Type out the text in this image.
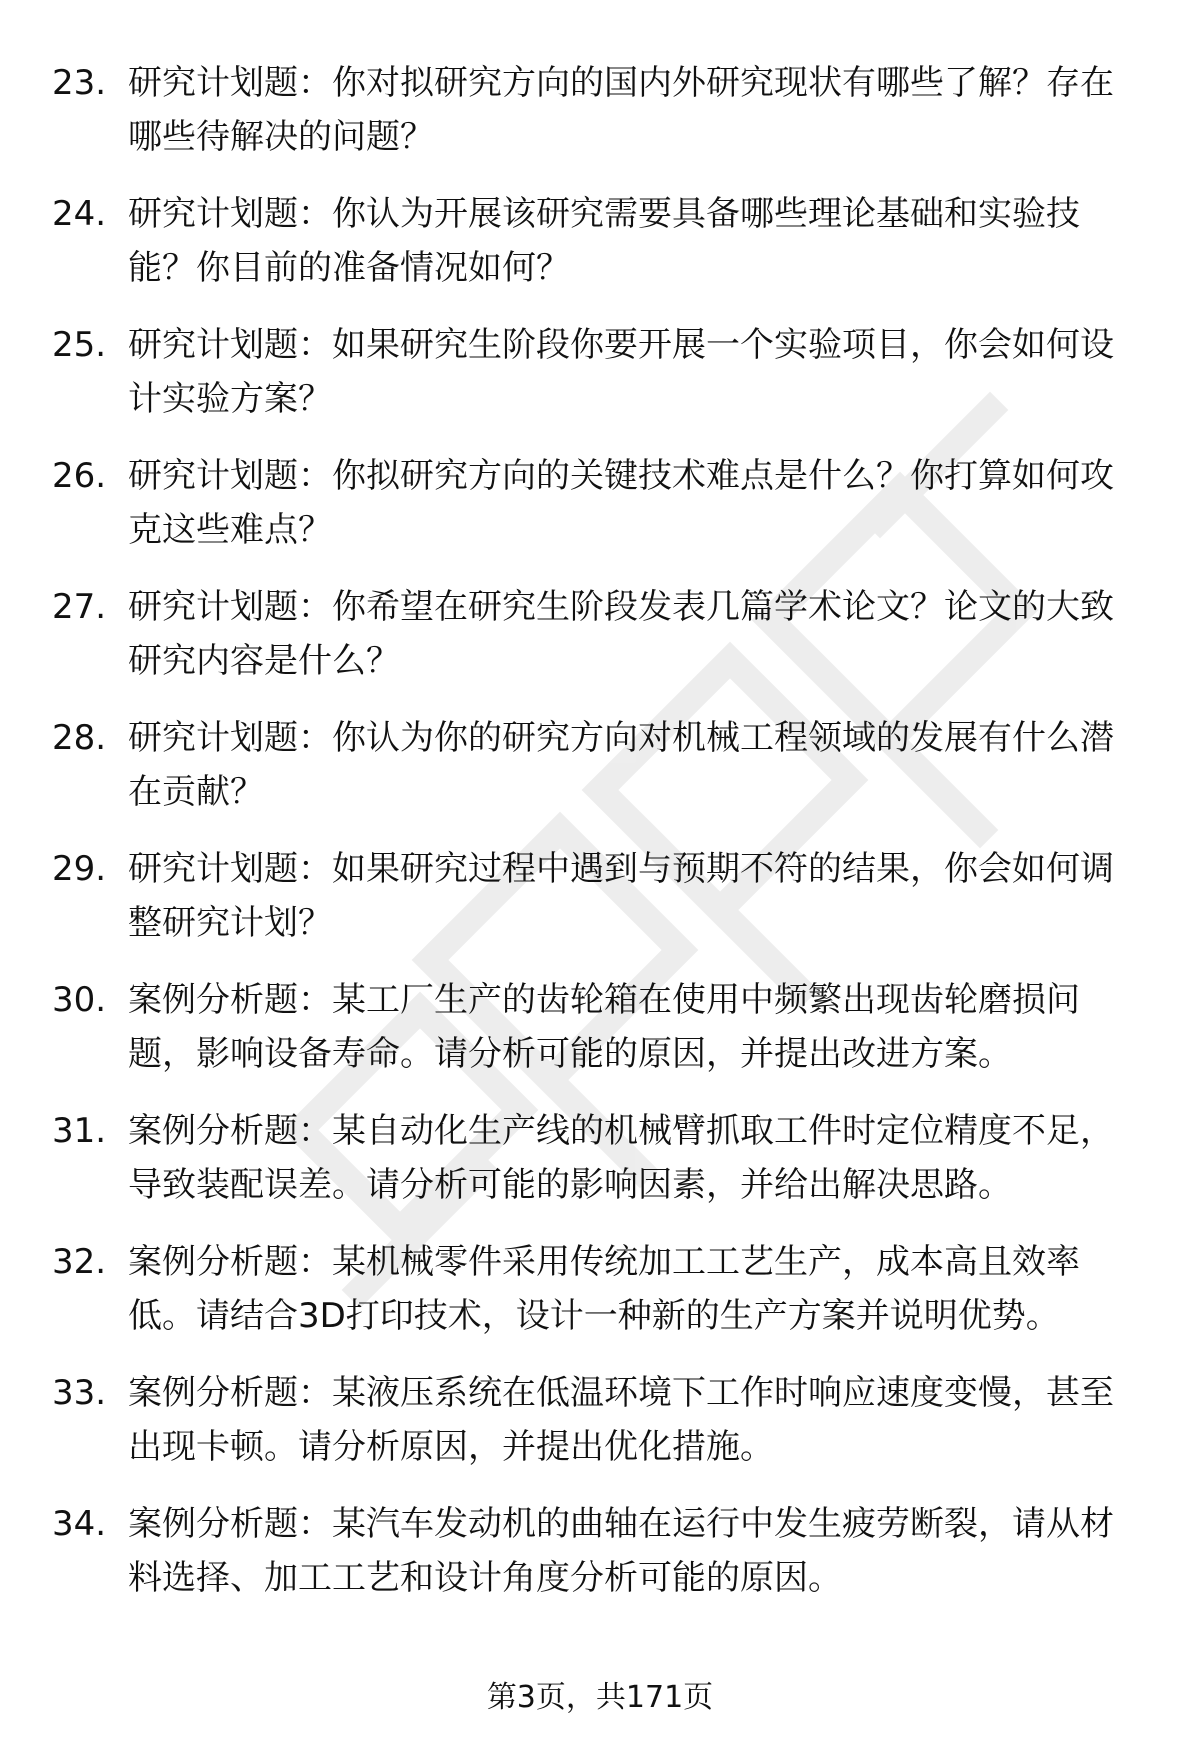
23. 研究计划题：你对拟研究方向的国内外研究现状有哪些了解？存在哪些待解决的问题？
24. 研究计划题：你认为开展该研究需要具备哪些理论基础和实验技能？你目前的准备情况如何？
25. 研究计划题：如果研究生阶段你要开展一个实验项目，你会如何设计实验方案？
26. 研究计划题：你拟研究方向的关键技术难点是什么？你打算如何攻克这些难点？
27. 研究计划题：你希望在研究生阶段发表几篇学术论文？论文的大致研究内容是什么？
28. 研究计划题：你认为你的研究方向对机械工程领域的发展有什么潜在贡献？
29. 研究计划题：如果研究过程中遇到与预期不符的结果，你会如何调整研究计划？
30. 案例分析题：某工厂生产的齿轮箱在使用中频繁出现齿轮磨损问题，影响设备寿命。请分析可能的原因，并提出改进方案。
31. 案例分析题：某自动化生产线的机械臂抓取工件时定位精度不足，导致装配误差。请分析可能的影响因素，并给出解决思路。
32. 案例分析题：某机械零件采用传统加工工艺生产，成本高且效率低。请结合3D打印技术，设计一种新的生产方案并说明优势。
33. 案例分析题：某液压系统在低温环境下工作时响应速度变慢，甚至出现卡顿。请分析原因，并提出优化措施。
34. 案例分析题：某汽车发动机的曲轴在运行中发生疲劳断裂，请从材料选择、加工工艺和设计角度分析可能的原因。
第3页，共171页
